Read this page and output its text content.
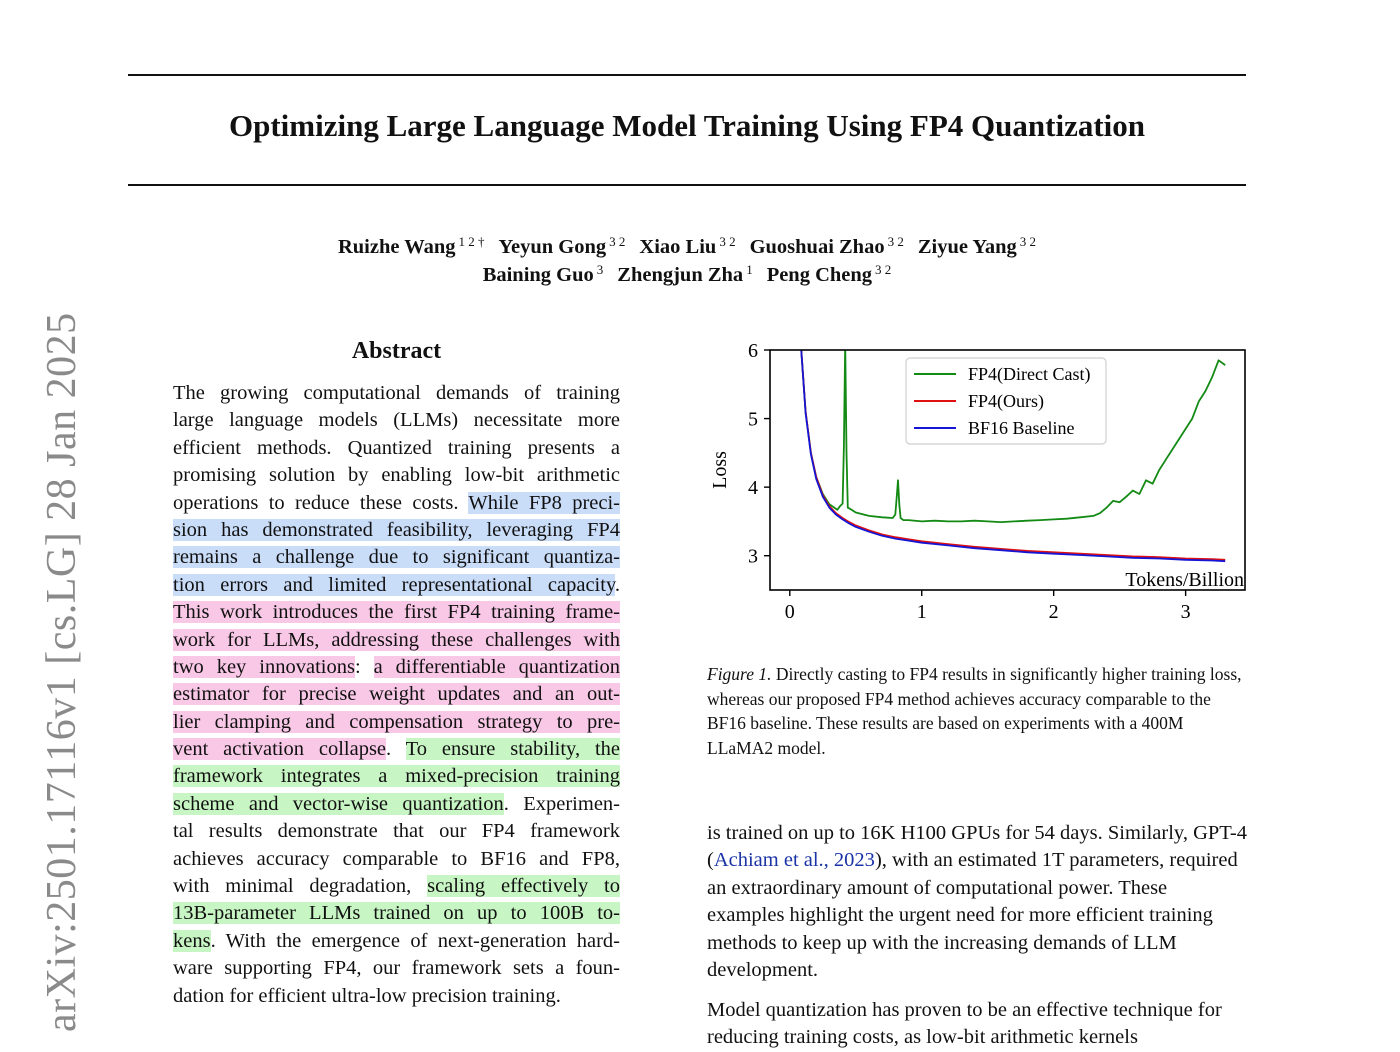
Optimizing Large Language Model Training Using FP4 Quantization
Ruizhe Wang $^{1 2 \dagger}$ Yeyun Gong $^{3 2}$ Xiao Liu $^{3 2}$ Guoshuai Zhao $^{3 2}$ Ziyue Yang $^{3 2}$
Baining Guo $^3$ Zhengjun Zha $^1$ Peng Cheng $^{3 2}$
arXiv:2501.17116v1 [cs.LG] 28 Jan 2025	Abstract
The growing computational demands of training
large language models (LLMs) necessitate more
efficient methods. Quantized training presents a
promising solution by enabling low-bit arithmetic
operations to reduce these costs. While FP8 preci-
sion has demonstrated feasibility, leveraging FP4
remains a challenge due to significant quantiza-
tion errors and limited representational capacity.
This work introduces the first FP4 training frame-
work for LLMs, addressing these challenges with
two key innovations: a differentiable quantization
estimator for precise weight updates and an out-
lier clamping and compensation strategy to pre-
vent activation collapse. To ensure stability, the
framework integrates a mixed-precision training
scheme and vector-wise quantization. Experimen-
tal results demonstrate that our FP4 framework
achieves accuracy comparable to BF16 and FP8,
with minimal degradation, scaling effectively to
13B-parameter LLMs trained on up to 100B to-
kens. With the emergence of next-generation hard-
ware supporting FP4, our framework sets a foun-
dation for efficient ultra-low precision training.
0	1	2	3
3
4
5
6
Loss
Tokens/Billion
FP4(Direct Cast)
FP4(Ours)
BF16 Baseline
Figure 1. Directly casting to FP4 results in significantly higher training loss, whereas our proposed FP4 method achieves accuracy comparable to the BF16 baseline. These results are based on experiments with a 400M LLaMA2 model.
is trained on up to 16K H100 GPUs for 54 days. Similarly, GPT-4 (Achiam et al., 2023), with an estimated 1T parameters, required an extraordinary amount of computational power. These examples highlight the urgent need for more efficient training methods to keep up with the increasing demands of LLM development.
Model quantization has proven to be an effective technique for reducing training costs, as low-bit arithmetic kernels
